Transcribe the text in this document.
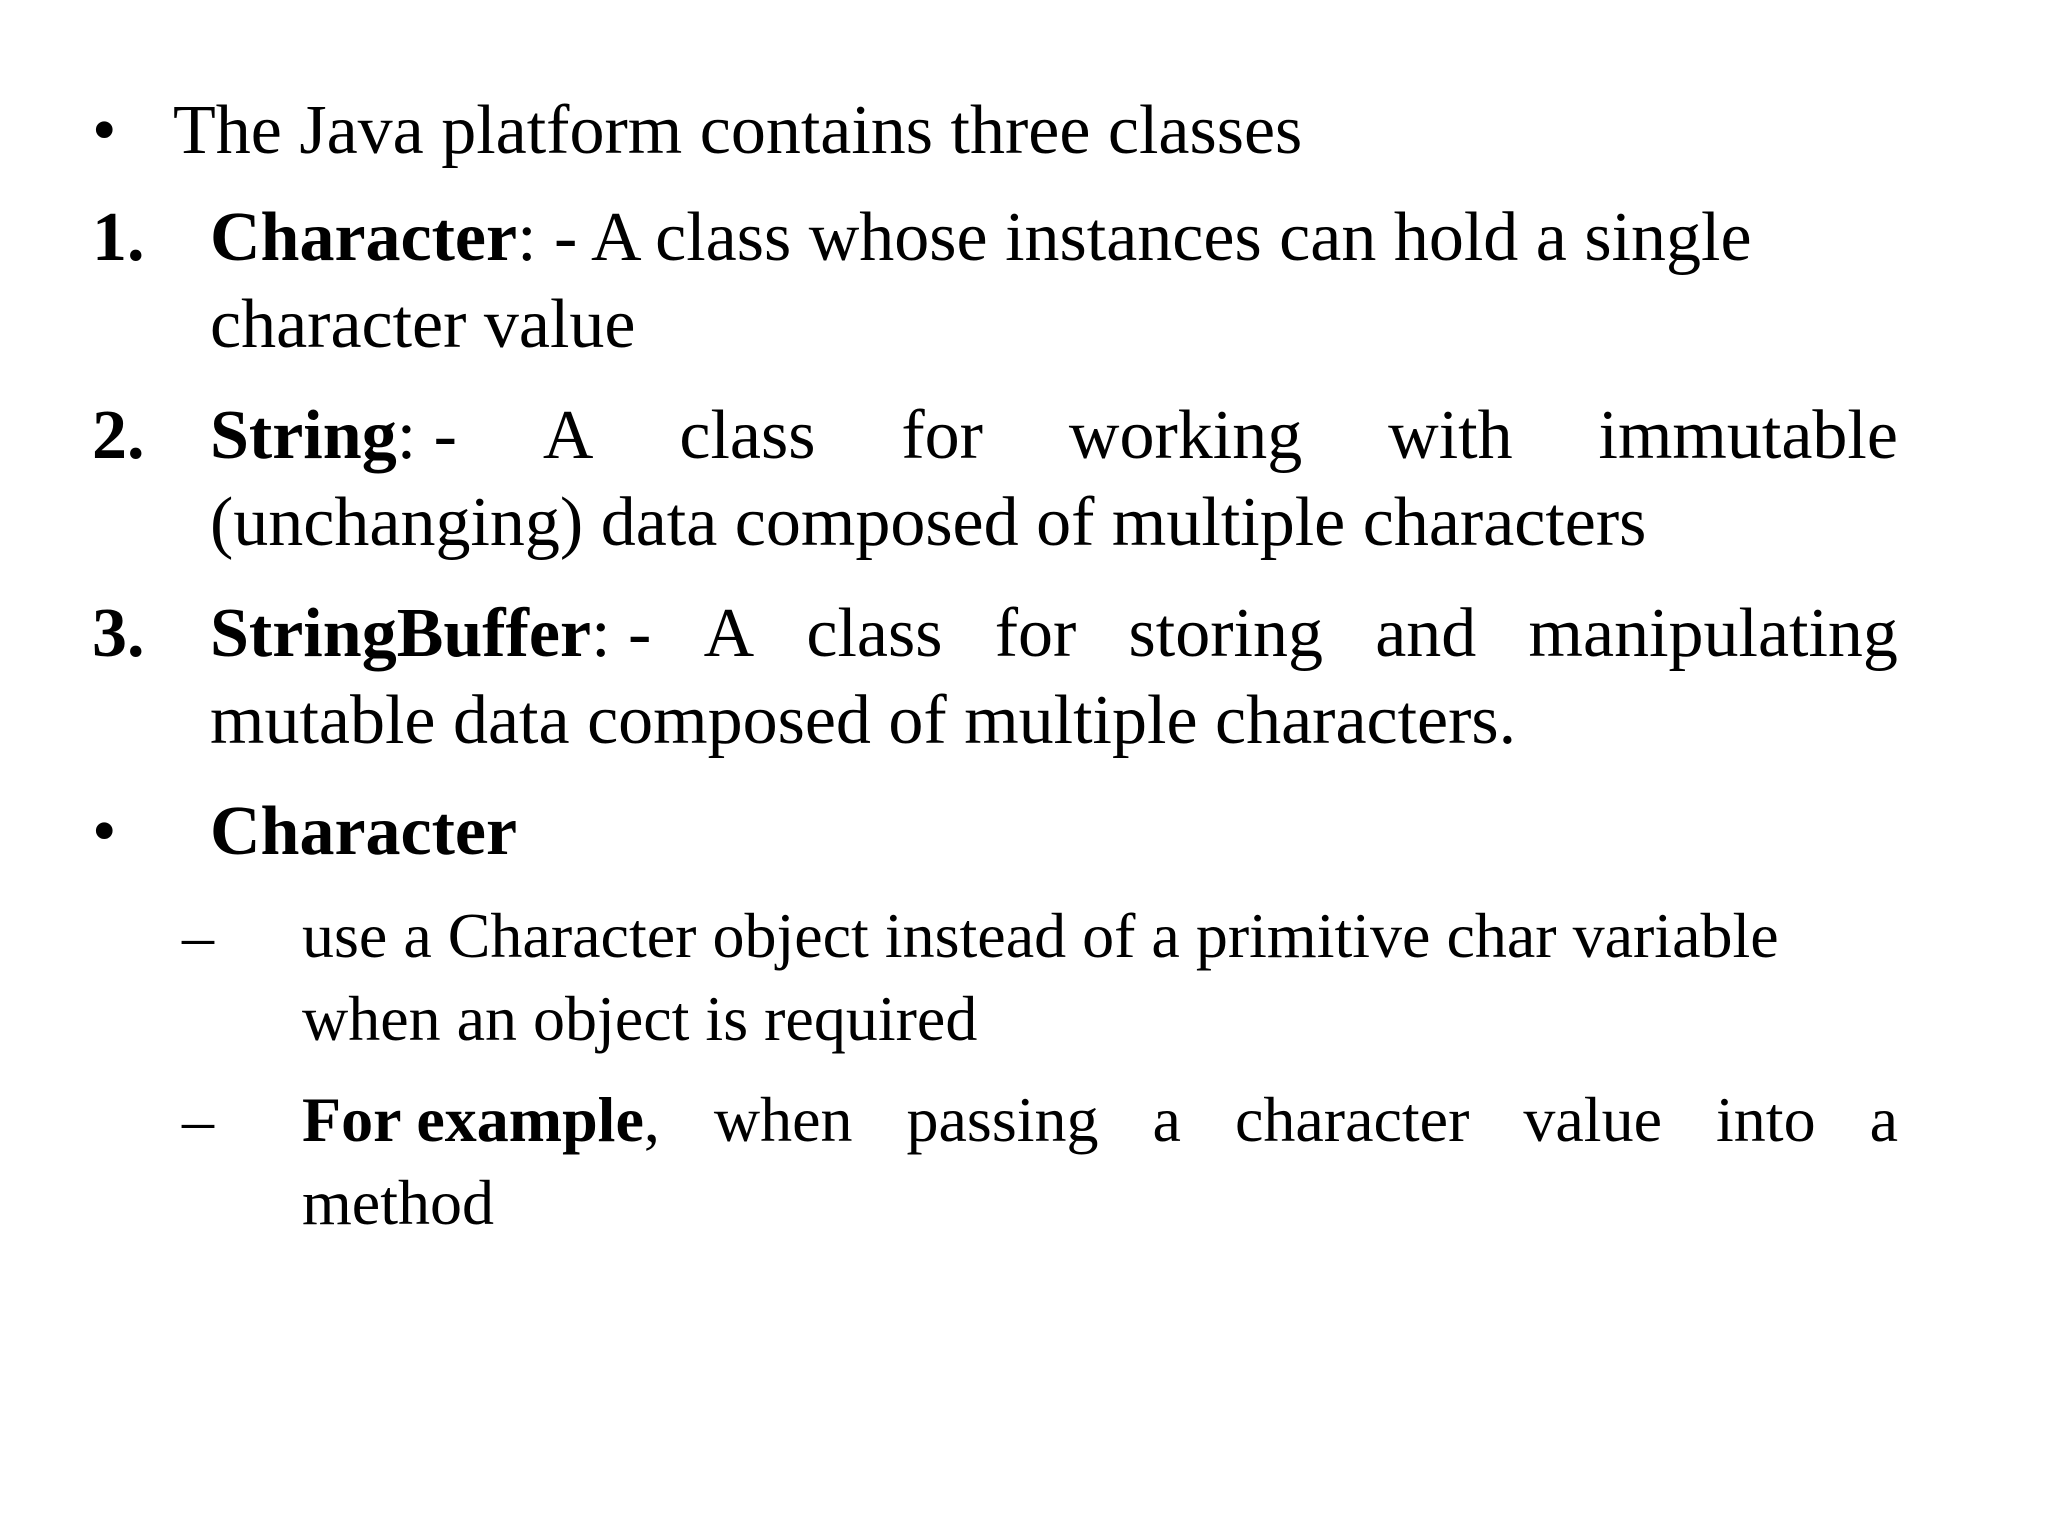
• The Java platform contains three classes
1. Character: - A class whose instances can hold a single
character value
2. String: - A class for working with immutable
(unchanging) data composed of multiple characters
3. StringBuffer: - A class for storing and manipulating
mutable data composed of multiple characters.
• Character
– use a Character object instead of a primitive char variable
when an object is required
– For example, when passing a character value into a
method
